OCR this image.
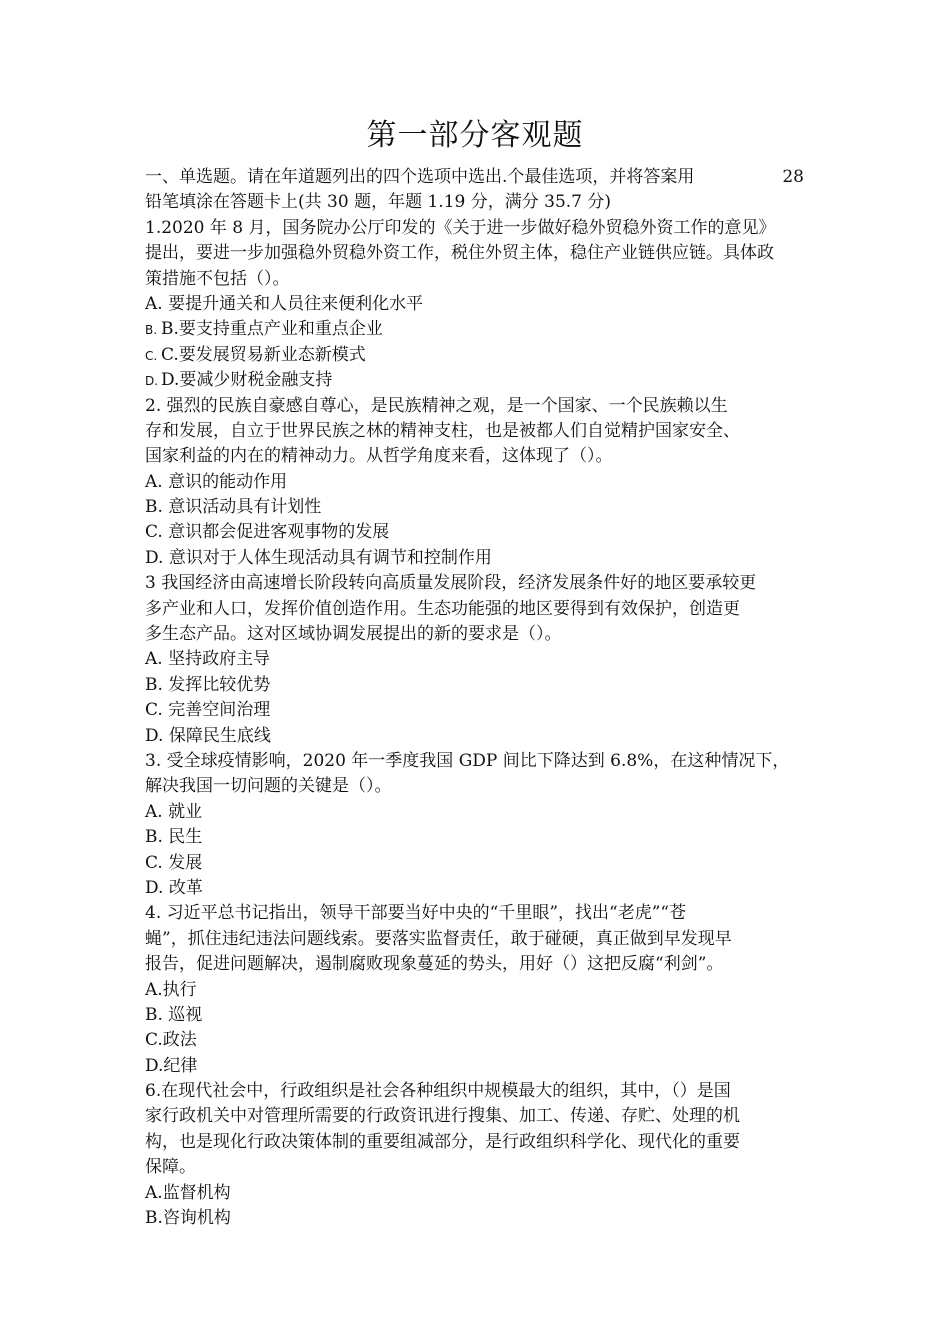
第一部分客观题
一、单选题。请在年道题列出的四个选项中选出.个最佳选项，并将答案用	28
铅笔填涂在答题卡上(共 30 题，年题 1.19 分，满分 35.7 分)
1.2020 年 8 月，国务院办公厅印发的《关于进一步做好稳外贸稳外资工作的意见》
提出，要进一步加强稳外贸稳外资工作，税住外贸主体，稳住产业链供应链。具体政
策措施不包括（）。
A. 要提升通关和人员往来便利化水平
B. B.要支持重点产业和重点企业
C. C.要发展贸易新业态新模式
D. D.要减少财税金融支持
2. 强烈的民族自豪感自尊心，是民族精神之观，是一个国家、一个民族赖以生
存和发展，自立于世界民族之林的精神支柱，也是被都人们自觉精护国家安全、
国家利益的内在的精神动力。从哲学角度来看，这体现了（）。
A. 意识的能动作用
B. 意识活动具有计划性
C. 意识都会促进客观事物的发展
D. 意识对于人体生现活动具有调节和控制作用
3 我国经济由高速增长阶段转向高质量发展阶段，经济发展条件好的地区要承较更
多产业和人口，发挥价值创造作用。生态功能强的地区要得到有效保护，创造更
多生态产品。这对区域协调发展提出的新的要求是（）。
A. 坚持政府主导
B. 发挥比较优势
C. 完善空间治理
D. 保障民生底线
3. 受全球疫情影响，2020 年一季度我国 GDP 间比下降达到 6.8%，在这种情况下，
解决我国一切问题的关键是（）。
A. 就业
B. 民生
C. 发展
D. 改革
4. 习近平总书记指出，领导干部要当好中央的“千里眼”，找出“老虎”“苍
蝇”，抓住违纪违法问题线索。要落实监督责任，敢于碰硬，真正做到早发现早
报告，促进问题解决，遏制腐败现象蔓延的势头，用好（）这把反腐“利剑”。
A.执行
B. 巡视
C.政法
D.纪律
6.在现代社会中，行政组织是社会各种组织中规模最大的组织，其中，（）是国
家行政机关中对管理所需要的行政资讯进行搜集、加工、传递、存贮、处理的机
构，也是现化行政决策体制的重要组减部分，是行政组织科学化、现代化的重要
保障。
A.监督机构
B.咨询机构
